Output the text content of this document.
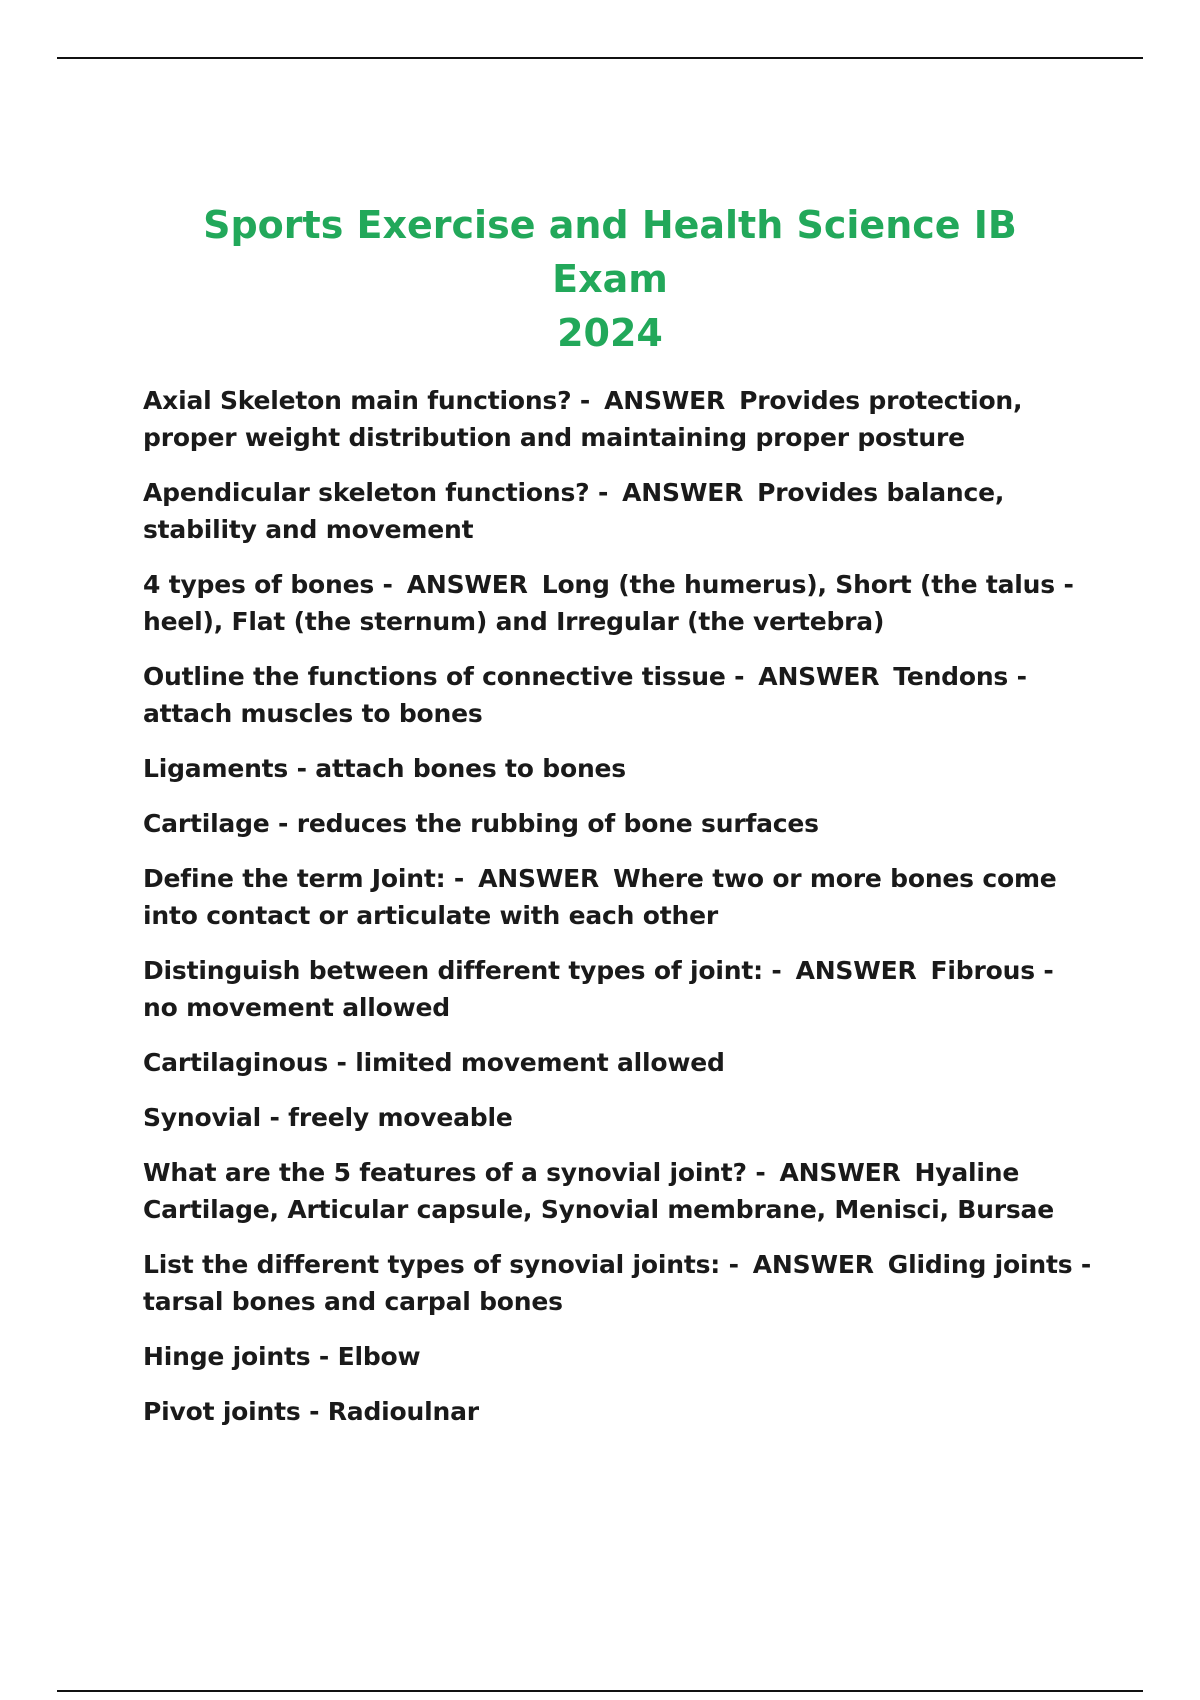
Sports Exercise and Health Science IB Exam
2024

Axial Skeleton main functions? - ANSWER Provides protection,
proper weight distribution and maintaining proper posture

Apendicular skeleton functions? - ANSWER Provides balance,
stability and movement

4 types of bones - ANSWER Long (the humerus), Short (the talus -
heel), Flat (the sternum) and Irregular (the vertebra)

Outline the functions of connective tissue - ANSWER Tendons -
attach muscles to bones

Ligaments - attach bones to bones

Cartilage - reduces the rubbing of bone surfaces

Define the term Joint: - ANSWER Where two or more bones come
into contact or articulate with each other

Distinguish between different types of joint: - ANSWER Fibrous -
no movement allowed

Cartilaginous - limited movement allowed

Synovial - freely moveable

What are the 5 features of a synovial joint? - ANSWER Hyaline
Cartilage, Articular capsule, Synovial membrane, Menisci, Bursae

List the different types of synovial joints: - ANSWER Gliding joints -
tarsal bones and carpal bones

Hinge joints - Elbow

Pivot joints - Radioulnar
